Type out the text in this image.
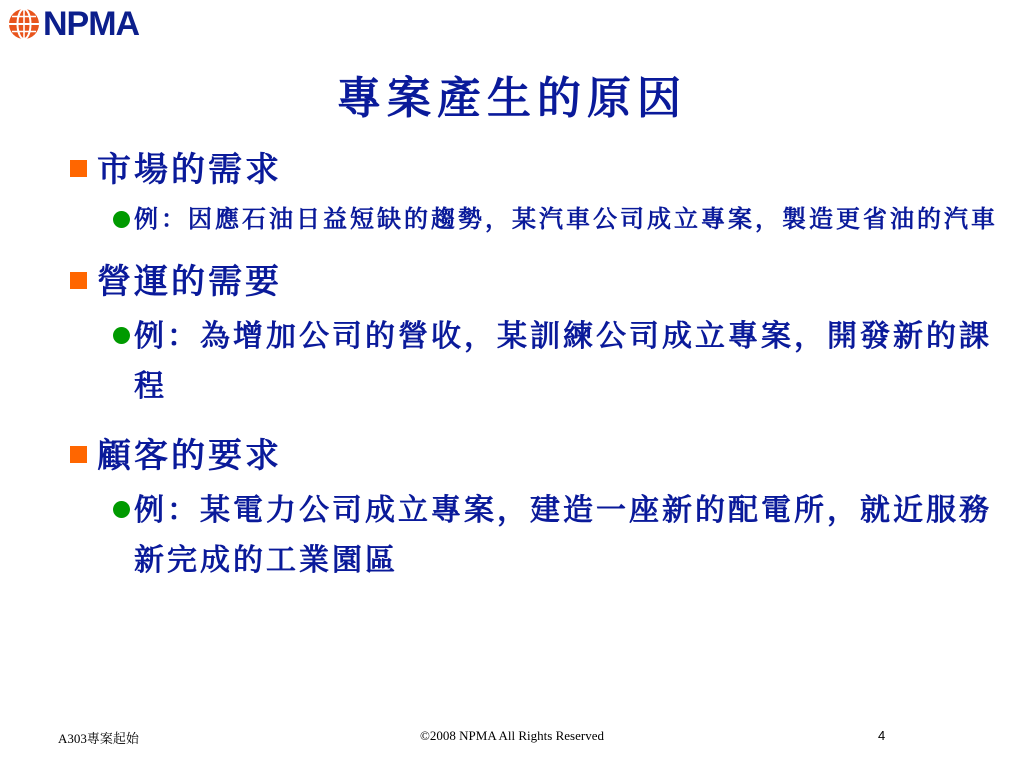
NPMA
專案產生的原因
市場的需求
例：因應石油日益短缺的趨勢，某汽車公司成立專案，製造更省油的汽車
營運的需要
例：為增加公司的營收，某訓練公司成立專案，開發新的課程
顧客的要求
例：某電力公司成立專案，建造一座新的配電所，就近服務新完成的工業園區
A303專案起始	©2008 NPMA All Rights Reserved	4
